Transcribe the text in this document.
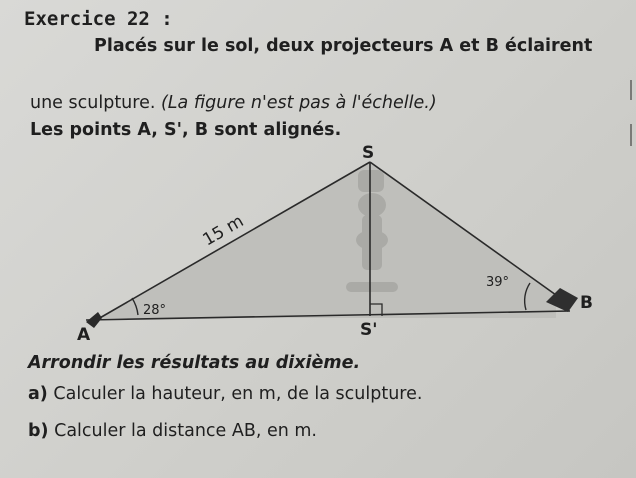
Exercice 22 :
Placés sur le sol, deux projecteurs A et B éclairent
une sculpture. (La figure n'est pas à l'échelle.)
Les points A, S', B sont alignés.
S
S'
A
B
15 m
28°
39°
Arrondir les résultats au dixième.
a) Calculer la hauteur, en m, de la sculpture.
b) Calculer la distance AB, en m.
